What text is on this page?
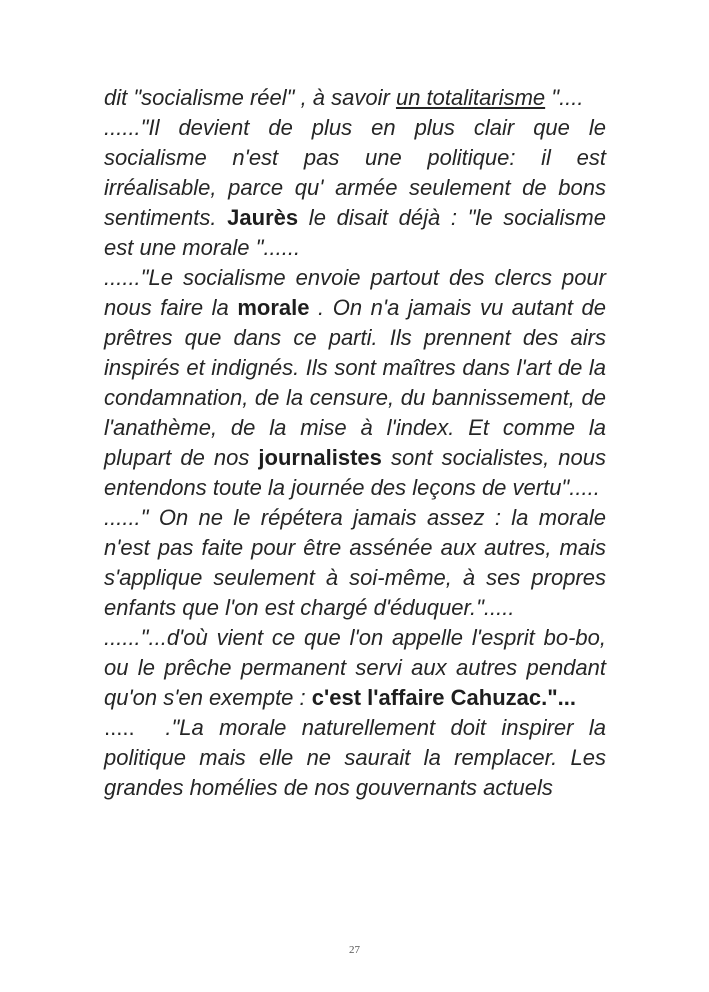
dit "socialisme réel" , à savoir un totalitarisme "....

......"Il devient de plus en plus clair que le socialisme n'est pas une politique: il est irréalisable, parce qu' armée seulement de bons sentiments. Jaurès le disait déjà : "le socialisme est une morale "......

......"Le socialisme envoie partout des clercs pour nous faire la morale . On n'a jamais vu autant de prêtres que dans ce parti. Ils prennent des airs inspirés et indignés. Ils sont maîtres dans l'art de la condamnation, de la censure, du bannissement, de l'anathème, de la mise à l'index. Et comme la plupart de nos journalistes sont socialistes, nous entendons toute la journée des leçons de vertu".....

......" On ne le répétera jamais assez : la morale n'est pas faite pour être assénée aux autres, mais s'applique seulement à soi-même, à ses propres enfants que l'on est chargé d'éduquer.".....

......"...d'où vient ce que l'on appelle l'esprit bo-bo, ou le prêche permanent servi aux autres pendant qu'on s'en exempte : c'est l'affaire Cahuzac."...

.....  ."La morale naturellement doit inspirer la politique mais elle ne saurait la remplacer. Les grandes homélies de nos gouvernants actuels

27
